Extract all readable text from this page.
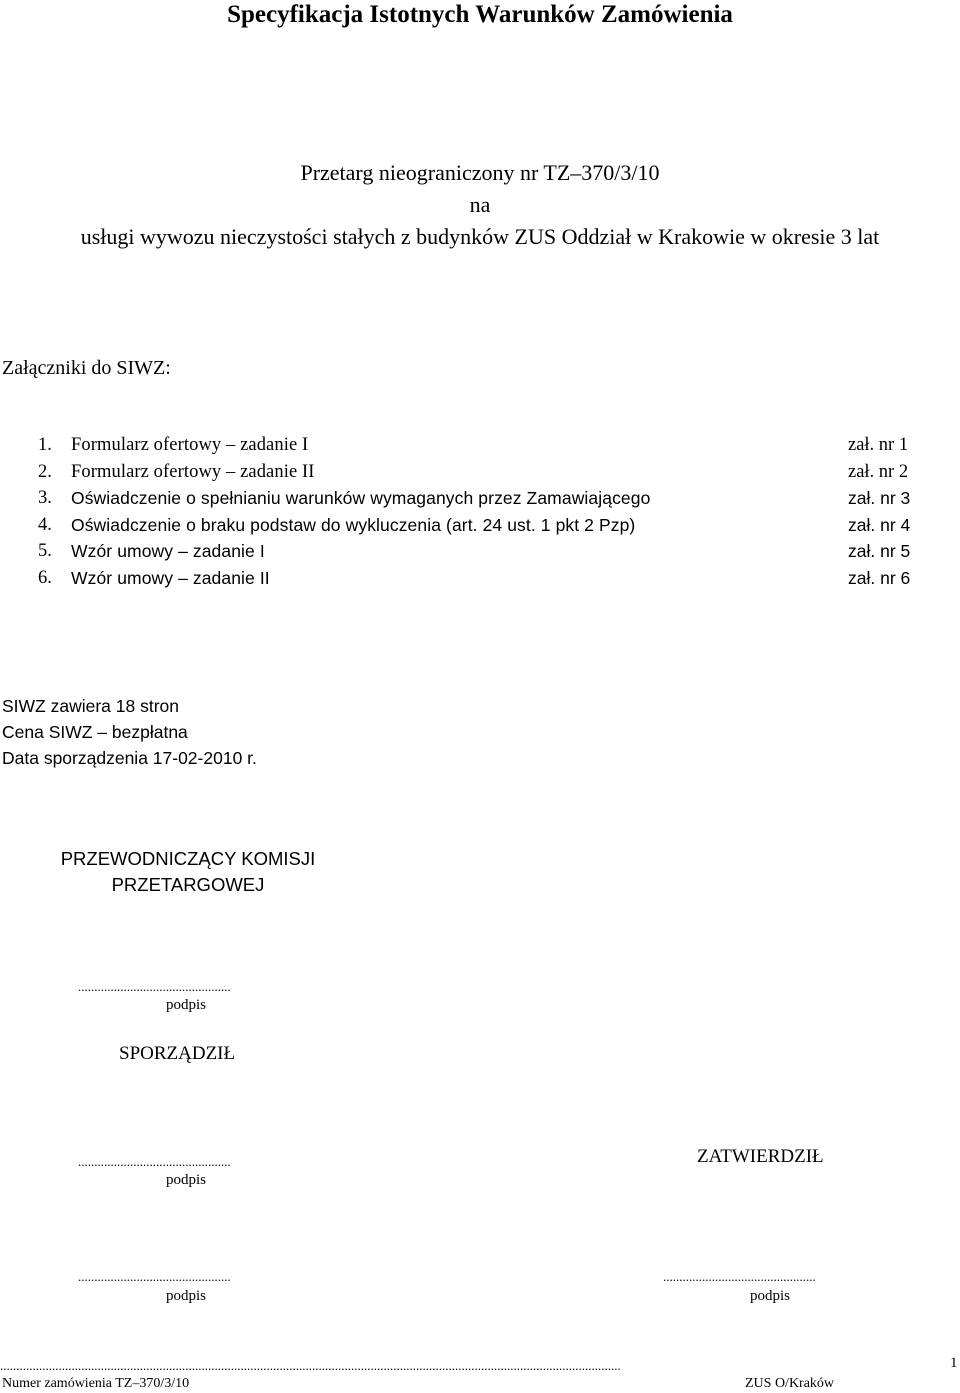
Specyfikacja Istotnych Warunków Zamówienia
Przetarg nieograniczony nr TZ–370/3/10
na
usługi wywozu nieczystości stałych z budynków ZUS Oddział w Krakowie w okresie 3 lat
Załączniki do SIWZ:
1. Formularz ofertowy – zadanie I	zał. nr 1
2. Formularz ofertowy – zadanie II	zał. nr 2
3. Oświadczenie o spełnianiu warunków wymaganych przez Zamawiającego	zał. nr 3
4. Oświadczenie o braku podstaw do wykluczenia (art. 24 ust. 1 pkt 2 Pzp)	zał. nr 4
5. Wzór umowy – zadanie I	zał. nr 5
6. Wzór umowy – zadanie II	zał. nr 6
SIWZ zawiera 18 stron
Cena SIWZ – bezpłatna
Data sporządzenia 17-02-2010 r.
PRZEWODNICZĄCY KOMISJI
PRZETARGOWEJ
...............................................
podpis
SPORZĄDZIŁ
...............................................
podpis
ZATWIERDZIŁ
...............................................
podpis
...............................................
podpis
...............................................................................................................................................................................................	1
Numer zamówienia TZ–370/3/10	ZUS O/Kraków
